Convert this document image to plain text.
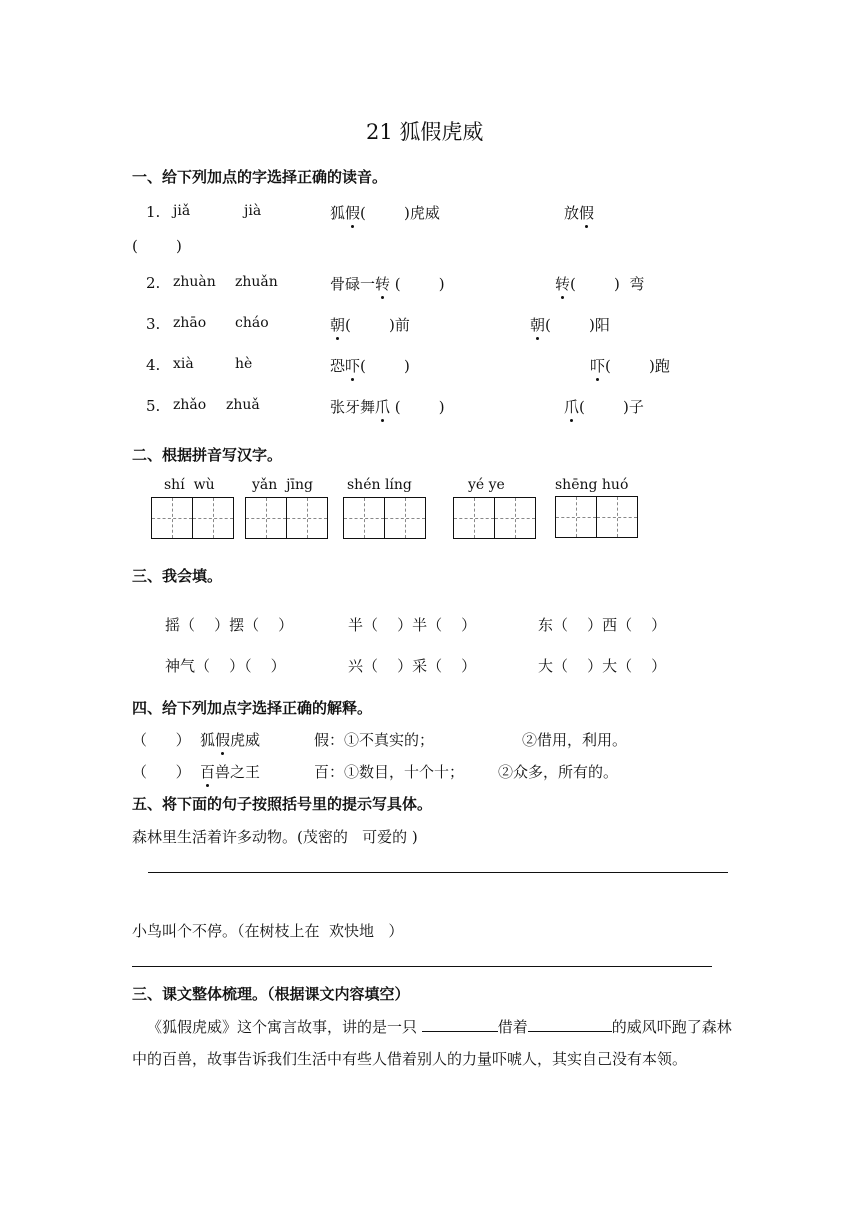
21 狐假虎威
一、给下列加点的字选择正确的读音。
1. jiǎ	jià	狐假(        )虎威	放假
(        )
2. zhuàn zhuǎn	骨碌一转 (        )	转(        )  弯
3. zhāo cháo	朝(        )前	朝(        )阳
4. xià	hè	恐吓(        )	吓(        )跑
5. zhǎo zhuǎ	张牙舞爪 (        )	爪(        )子
二、根据拼音写汉字。
shí  wù	yǎn  jīng shén líng	yé ye	shēng huó
三、我会填。
摇（    ）摆（    ）	半（    ）半（    ）	东（    ）西（    ）
神气（    ）（    ）	兴（    ）采（    ）	大（    ）大（    ）
四、给下列加点字选择正确的解释。
（      ） 狐假虎威	假：①不真实的；	②借用，利用。
（      ） 百兽之王	百：①数目，十个十； ②众多，所有的。
五、将下面的句子按照括号里的提示写具体。
森林里生活着许多动物。(茂密的   可爱的 )
小鸟叫个不停。（在树枝上在  欢快地   ）
三、课文整体梳理。（根据课文内容填空）
《狐假虎威》这个寓言故事，讲的是一只	借着	的威风吓跑了森林中的百兽，故事告诉我们生活中有些人借着别人的力量吓唬人，其实自己没有本领。
